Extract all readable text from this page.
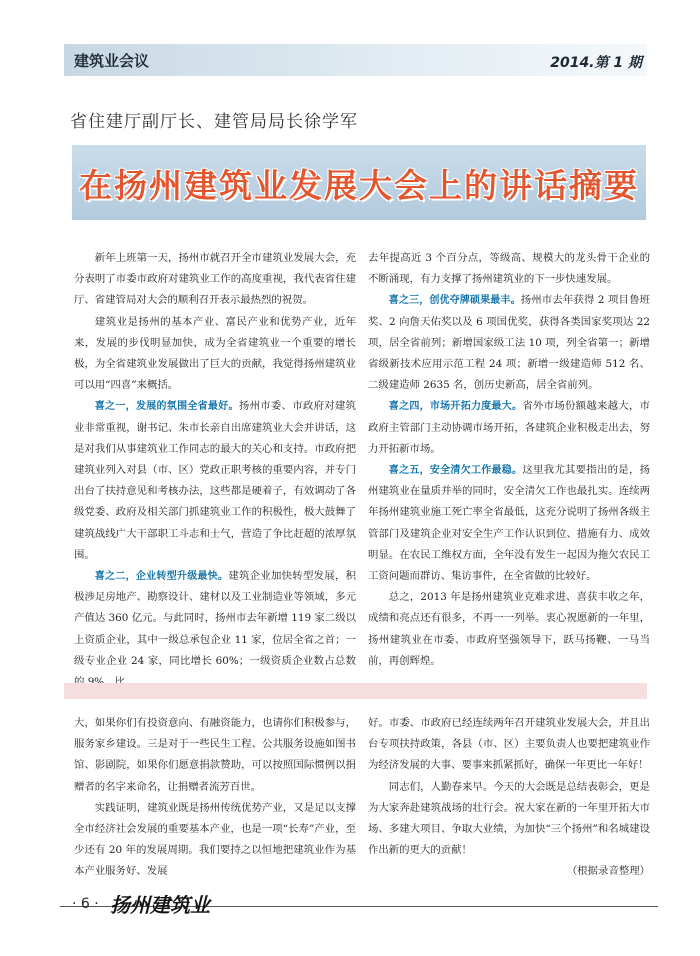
建筑业会议	2014.第 1 期
省住建厅副厅长、建管局局长徐学军
在扬州建筑业发展大会上的讲话摘要

新年上班第一天，扬州市就召开全市建筑业发展大会，充分表明了市委市政府对建筑业工作的高度重视，我代表省住建厅、省建管局对大会的顺利召开表示最热烈的祝贺。

建筑业是扬州的基本产业、富民产业和优势产业，近年来，发展的步伐明显加快，成为全省建筑业一个重要的增长极，为全省建筑业发展做出了巨大的贡献，我觉得扬州建筑业可以用“四喜”来概括。

喜之一，发展的氛围全省最好。扬州市委、市政府对建筑业非常重视，谢书记、朱市长亲自出席建筑业大会并讲话，这是对我们从事建筑业工作同志的最大的关心和支持。市政府把建筑业列入对县（市、区）党政正职考核的重要内容，并专门出台了扶持意见和考核办法，这些都是硬着子，有效调动了各级党委、政府及相关部门抓建筑业工作的积极性，极大鼓舞了建筑战线广大干部职工斗志和士气，营造了争比赶超的浓厚氛围。

喜之二，企业转型升级最快。建筑企业加快转型发展，积极涉足房地产、勘察设计、建材以及工业制造业等领域，多元产值达 360 亿元。与此同时，扬州市去年新增 119 家二级以上资质企业，其中一级总承包企业 11 家，位居全省之首；一级专业企业 24 家，同比增长 60%；一级资质企业数占总数

去年提高近 3 个百分点，等级高、规模大的龙头骨干企业的不断涌现，有力支撑了扬州建筑业的下一步快速发展。

喜之三，创优夺牌硕果最丰。扬州市去年获得 2 项目鲁班奖、2 向詹天佑奖以及 6 项国优奖，获得各类国家奖项达 22 项，居全省前列；新增国家级工法 10 项，列全省第一；新增省级新技术应用示范工程 24 项；新增一级建造师 512 名、二级建造师 2635 名，创历史新高，居全省前列。

喜之四，市场开拓力度最大。省外市场份额越来越大，市政府主管部门主动协调市场开拓，各建筑企业积极走出去，努力开拓新市场。

喜之五，安全清欠工作最稳。这里我尤其要指出的是，扬州建筑业在量质并举的同时，安全清欠工作也最扎实。连续两年扬州建筑业施工死亡率全省最低，这充分说明了扬州各级主管部门及建筑企业对安全生产工作认识到位、措施有力、成效明显。在农民工维权方面，全年没有发生一起因为拖欠农民工工资问题而群访、集访事件，在全省做的比较好。

总之，2013 年是扬州建筑业克难求进、喜获丰收之年，成绩和亮点还有很多，不再一一列举。衷心祝愿新的一年里，扬州建筑业在市委、市政府坚强领导下，跃马扬鞭、一马当前，再创辉煌。

大，如果你们有投资意向、有融资能力，也请你们积极参与，服务家乡建设。三是对于一些民生工程、公共服务设施如图书馆、影剧院，如果你们愿意捐款赞助，可以按照国际惯例以捐赠者的名字来命名，让捐赠者流芳百世。

实践证明，建筑业既是扬州传统优势产业，又是足以支撑全市经济社会发展的重要基本产业，也是一项“长寿”产业，至少还有 20 年的发展周期。我们要持之以恒地把建筑业作为基本产业服务好、发展

好。市委、市政府已经连续两年召开建筑业发展大会，并且出台专项扶持政策，各县（市、区）主要负责人也要把建筑业作为经济发展的大事、要事来抓紧抓好，确保一年更比一年好！

同志们，人勤春来早。今天的大会既是总结表彰会，更是为大家奔赴建筑战场的壮行会。祝大家在新的一年里开拓大市场、多建大项目、争取大业绩，为加快“三个扬州”和名城建设作出新的更大的贡献！

（根据录音整理）
· 6 · 扬州建筑业
